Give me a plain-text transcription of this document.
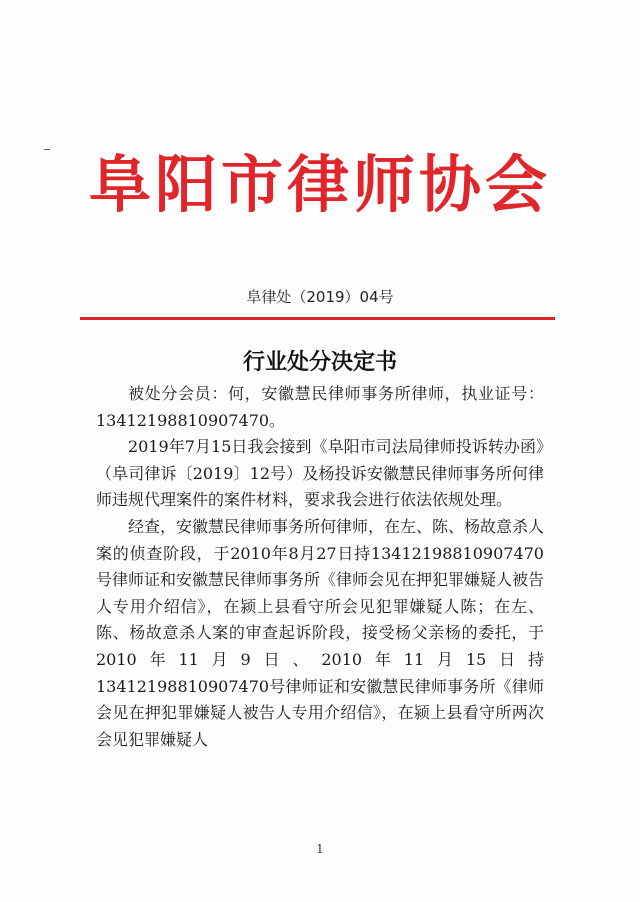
阜阳市律师协会
阜律处（2019）04号
行业处分决定书

被处分会员：何，安徽慧民律师事务所律师，执业证号：13412198810907470。

2019年7月15日我会接到《阜阳市司法局律师投诉转办函》（阜司律诉〔2019〕12号）及杨投诉安徽慧民律师事务所何律师违规代理案件的案件材料，要求我会进行依法依规处理。

经查，安徽慧民律师事务所何律师，在左、陈、杨故意杀人案的侦查阶段，于2010年8月27日持13412198810907470号律师证和安徽慧民律师事务所《律师会见在押犯罪嫌疑人被告人专用介绍信》，在颍上县看守所会见犯罪嫌疑人陈；在左、陈、杨故意杀人案的审查起诉阶段，接受杨父亲杨的委托，于2010年11月9日、2010年11月15日持13412198810907470号律师证和安徽慧民律师事务所《律师会见在押犯罪嫌疑人被告人专用介绍信》，在颍上县看守所两次会见犯罪嫌疑人

1
